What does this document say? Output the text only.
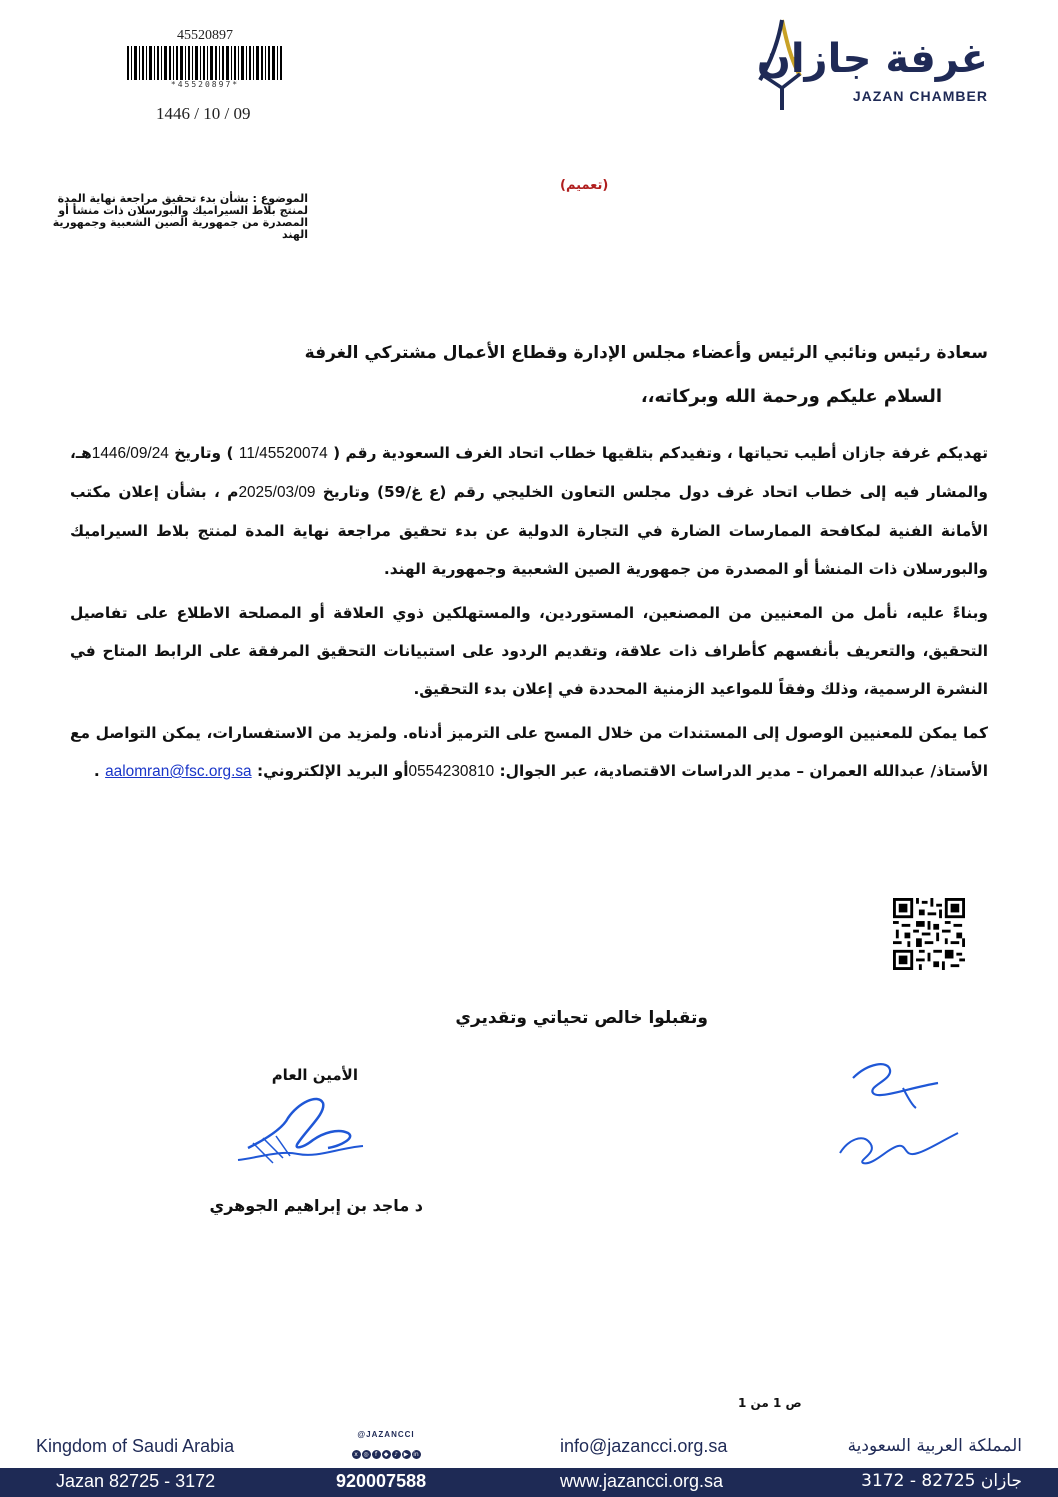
غرفة جازان
JAZAN CHAMBER
45520897
*45520897*
1446 / 10 / 09
(تعميم)
الموضوع : بشأن بدء تحقيق مراجعة نهاية المدة لمنتج بلاط السيراميك والبورسلان ذات منشأ أو المصدرة من جمهورية الصين الشعبية وجمهورية الهند

سعادة رئيس ونائبي الرئيس وأعضاء مجلس الإدارة وقطاع الأعمال مشتركي الغرفة

السلام عليكم ورحمة الله وبركاته،،

تهديكم غرفة جازان أطيب تحياتها ، وتفيدكم بتلقيها خطاب اتحاد الغرف السعودية رقم ( 11/45520074 ) وتاريخ 1446/09/24هـ، والمشار فيه إلى خطاب اتحاد غرف دول مجلس التعاون الخليجي رقم (ع غ/59) وتاريخ 2025/03/09م ، بشأن إعلان مكتب الأمانة الفنية لمكافحة الممارسات الضارة في التجارة الدولية عن بدء تحقيق مراجعة نهاية المدة لمنتج بلاط السيراميك والبورسلان ذات المنشأ أو المصدرة من جمهورية الصين الشعبية وجمهورية الهند.

وبناءً عليه، نأمل من المعنيين من المصنعين، المستوردين، والمستهلكين ذوي العلاقة أو المصلحة الاطلاع على تفاصيل التحقيق، والتعريف بأنفسهم كأطراف ذات علاقة، وتقديم الردود على استبيانات التحقيق المرفقة على الرابط المتاح في النشرة الرسمية، وذلك وفقاً للمواعيد الزمنية المحددة في إعلان بدء التحقيق.

كما يمكن للمعنيين الوصول إلى المستندات من خلال المسح على الترميز أدناه. ولمزيد من الاستفسارات، يمكن التواصل مع الأستاذ/ عبدالله العمران – مدير الدراسات الاقتصادية، عبر الجوال: 0554230810أو البريد الإلكتروني: aalomran@fsc.org.sa .

وتقبلوا خالص تحياتي وتقديري
الأمين العام
د ماجد بن إبراهيم الجوهري
ص 1 من 1
Kingdom of Saudi Arabia
@JAZANCCI
x ◎ f ◆ ♪ ▶ in	info@jazancci.org.sa	المملكة العربية السعودية
Jazan 82725 - 3172	920007588	www.jazancci.org.sa	جازان 82725 - 3172
